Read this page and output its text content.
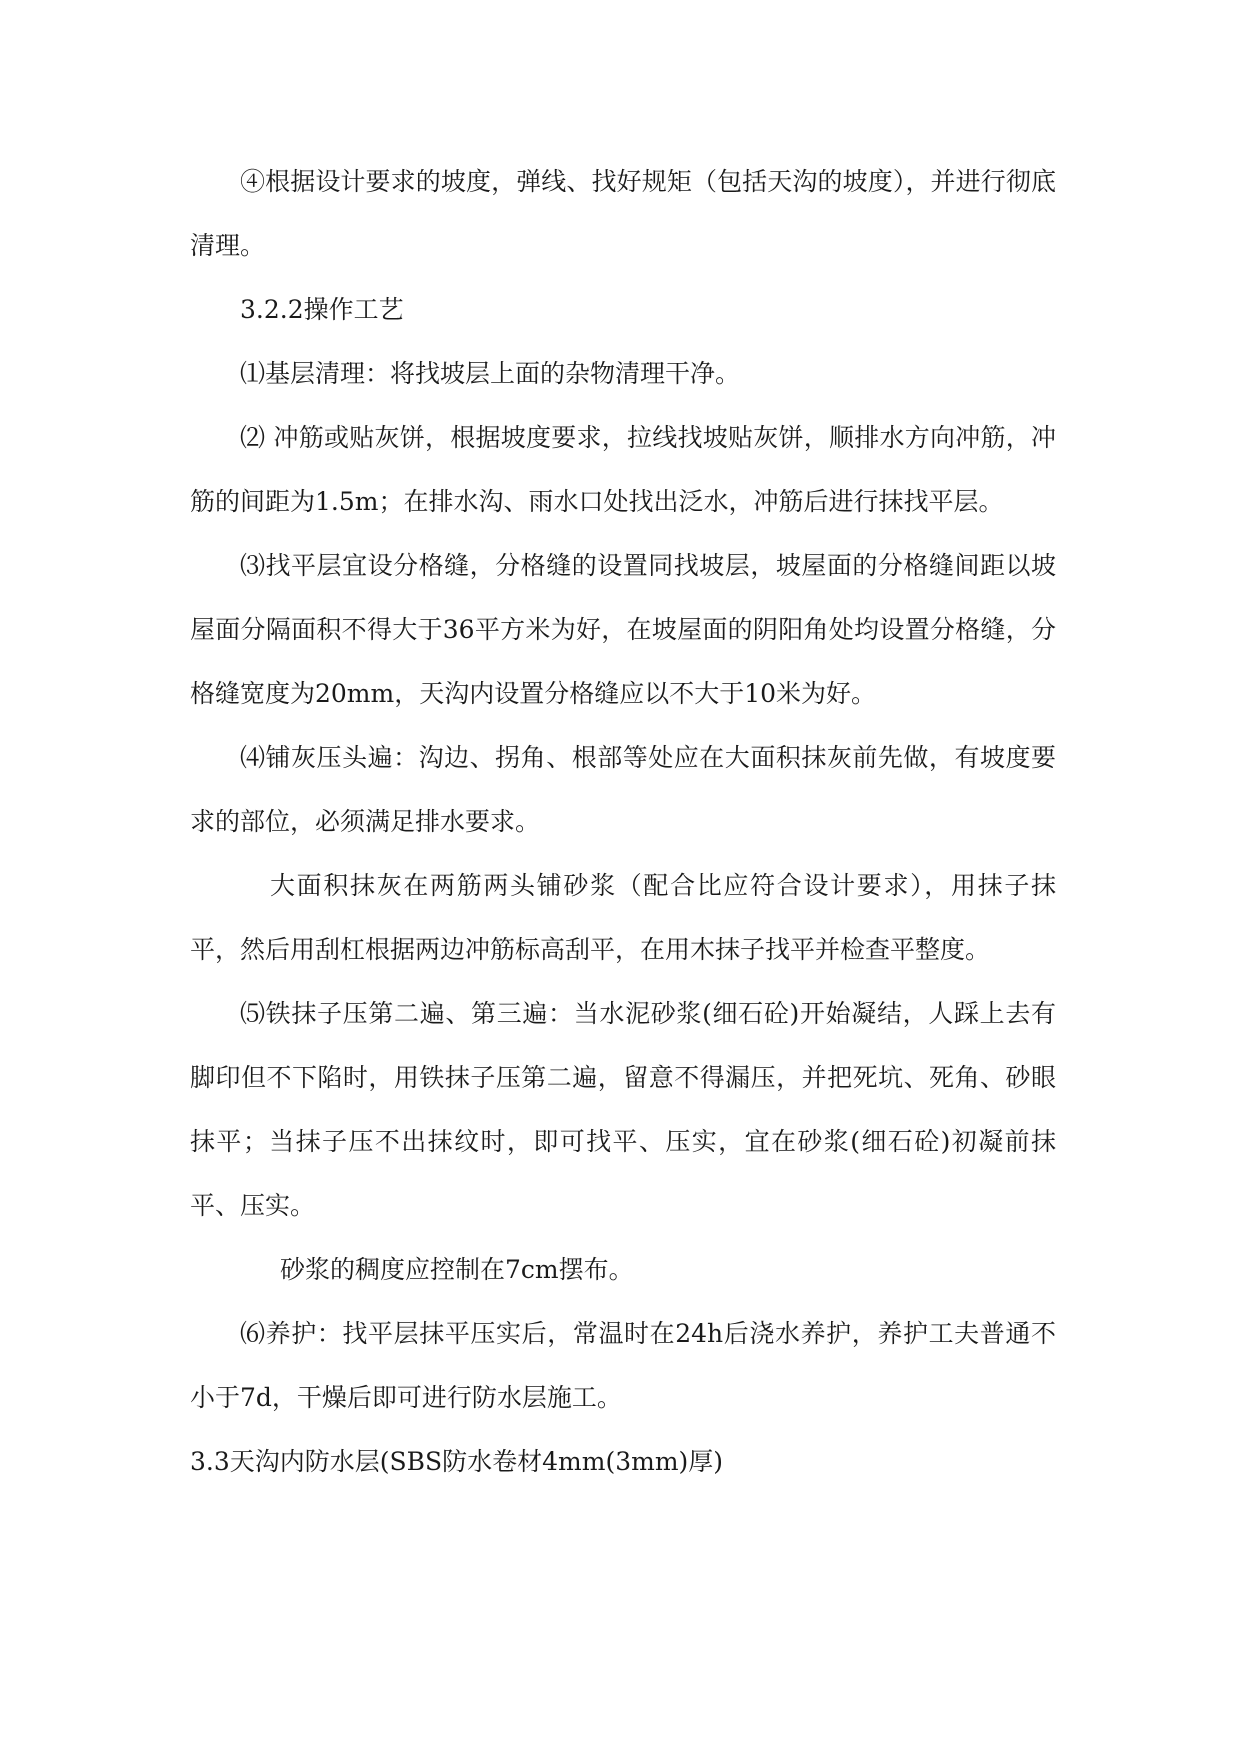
④根据设计要求的坡度，弹线、找好规矩（包括天沟的坡度），并进行彻底清理。

3.2.2操作工艺

⑴基层清理：将找坡层上面的杂物清理干净。

⑵ 冲筋或贴灰饼，根据坡度要求，拉线找坡贴灰饼，顺排水方向冲筋，冲筋的间距为1.5m；在排水沟、雨水口处找出泛水，冲筋后进行抹找平层。

⑶找平层宜设分格缝，分格缝的设置同找坡层，坡屋面的分格缝间距以坡屋面分隔面积不得大于36平方米为好，在坡屋面的阴阳角处均设置分格缝，分格缝宽度为20mm，天沟内设置分格缝应以不大于10米为好。

⑷铺灰压头遍：沟边、拐角、根部等处应在大面积抹灰前先做，有坡度要求的部位，必须满足排水要求。

大面积抹灰在两筋两头铺砂浆（配合比应符合设计要求），用抹子抹平，然后用刮杠根据两边冲筋标高刮平，在用木抹子找平并检查平整度。

⑸铁抹子压第二遍、第三遍：当水泥砂浆(细石砼)开始凝结，人踩上去有脚印但不下陷时，用铁抹子压第二遍，留意不得漏压，并把死坑、死角、砂眼抹平；当抹子压不出抹纹时，即可找平、压实，宜在砂浆(细石砼)初凝前抹平、压实。

砂浆的稠度应控制在7cm摆布。

⑹养护：找平层抹平压实后，常温时在24h后浇水养护，养护工夫普通不小于7d，干燥后即可进行防水层施工。

3.3天沟内防水层(SBS防水卷材4mm(3mm)厚)
